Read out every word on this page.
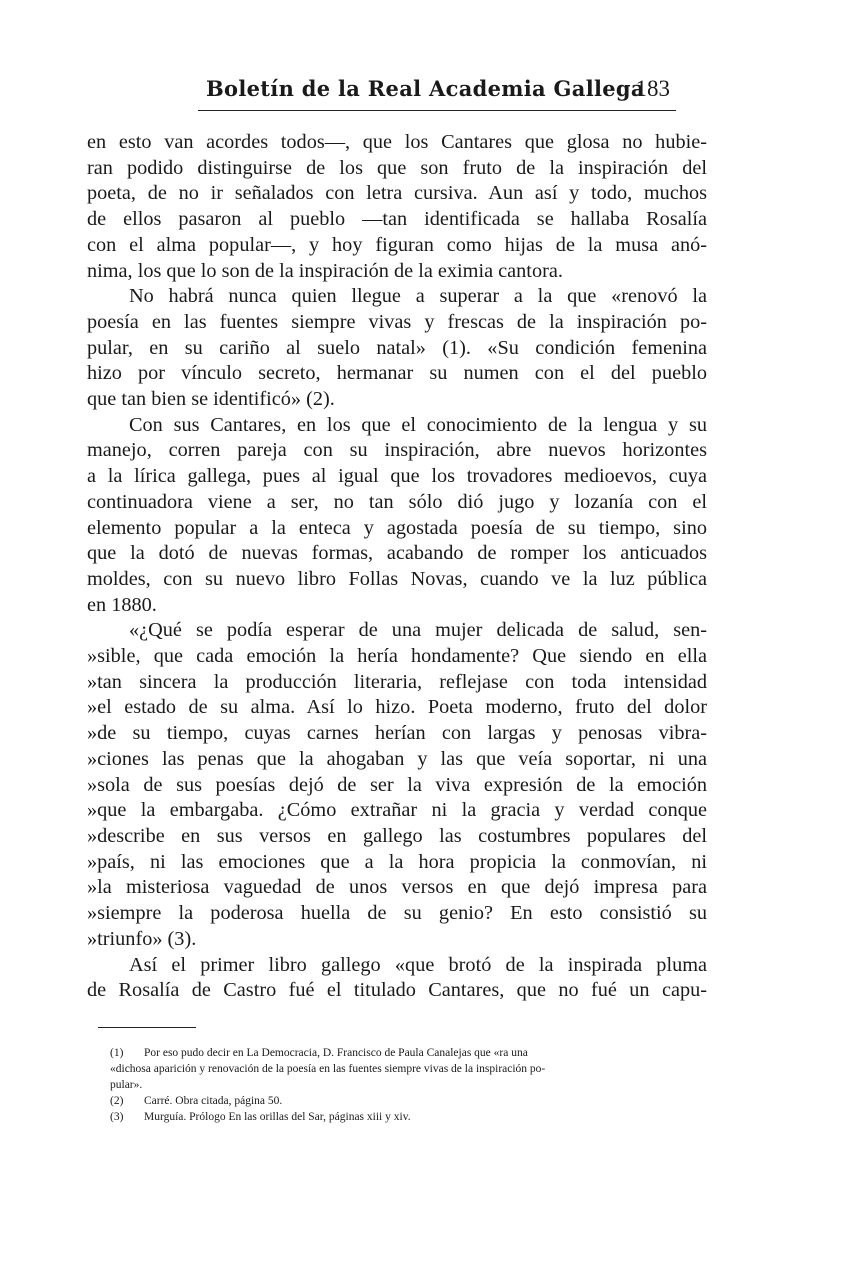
Boletín de la Real Academia Gallega
183

en esto van acordes todos—, que los Cantares que glosa no hubie-
ran podido distinguirse de los que son fruto de la inspiración del
poeta, de no ir señalados con letra cursiva. Aun así y todo, muchos
de ellos pasaron al pueblo —tan identificada se hallaba Rosalía
con el alma popular—, y hoy figuran como hijas de la musa anó-
nima, los que lo son de la inspiración de la eximia cantora.

No habrá nunca quien llegue a superar a la que «renovó la
poesía en las fuentes siempre vivas y frescas de la inspiración po-
pular, en su cariño al suelo natal» (1). «Su condición femenina
hizo por vínculo secreto, hermanar su numen con el del pueblo
que tan bien se identificó» (2).

Con sus Cantares, en los que el conocimiento de la lengua y su
manejo, corren pareja con su inspiración, abre nuevos horizontes
a la lírica gallega, pues al igual que los trovadores medioevos, cuya
continuadora viene a ser, no tan sólo dió jugo y lozanía con el
elemento popular a la enteca y agostada poesía de su tiempo, sino
que la dotó de nuevas formas, acabando de romper los anticuados
moldes, con su nuevo libro Follas Novas, cuando ve la luz pública
en 1880.

«¿Qué se podía esperar de una mujer delicada de salud, sen-
»sible, que cada emoción la hería hondamente? Que siendo en ella
»tan sincera la producción literaria, reflejase con toda intensidad
»el estado de su alma. Así lo hizo. Poeta moderno, fruto del dolor
»de su tiempo, cuyas carnes herían con largas y penosas vibra-
»ciones las penas que la ahogaban y las que veía soportar, ni una
»sola de sus poesías dejó de ser la viva expresión de la emoción
»que la embargaba. ¿Cómo extrañar ni la gracia y verdad conque
»describe en sus versos en gallego las costumbres populares del
»país, ni las emociones que a la hora propicia la conmovían, ni
»la misteriosa vaguedad de unos versos en que dejó impresa para
»siempre la poderosa huella de su genio? En esto consistió su
»triunfo» (3).

Así el primer libro gallego «que brotó de la inspirada pluma
de Rosalía de Castro fué el titulado Cantares, que no fué un capu-

(1) Por eso pudo decir en La Democracia, D. Francisco de Paula Canalejas que «ra una
«dichosa aparición y renovación de la poesía en las fuentes siempre vivas de la inspiración po-
pular».
(2) Carré. Obra citada, página 50.
(3) Murguía. Prólogo En las orillas del Sar, páginas xiii y xiv.
